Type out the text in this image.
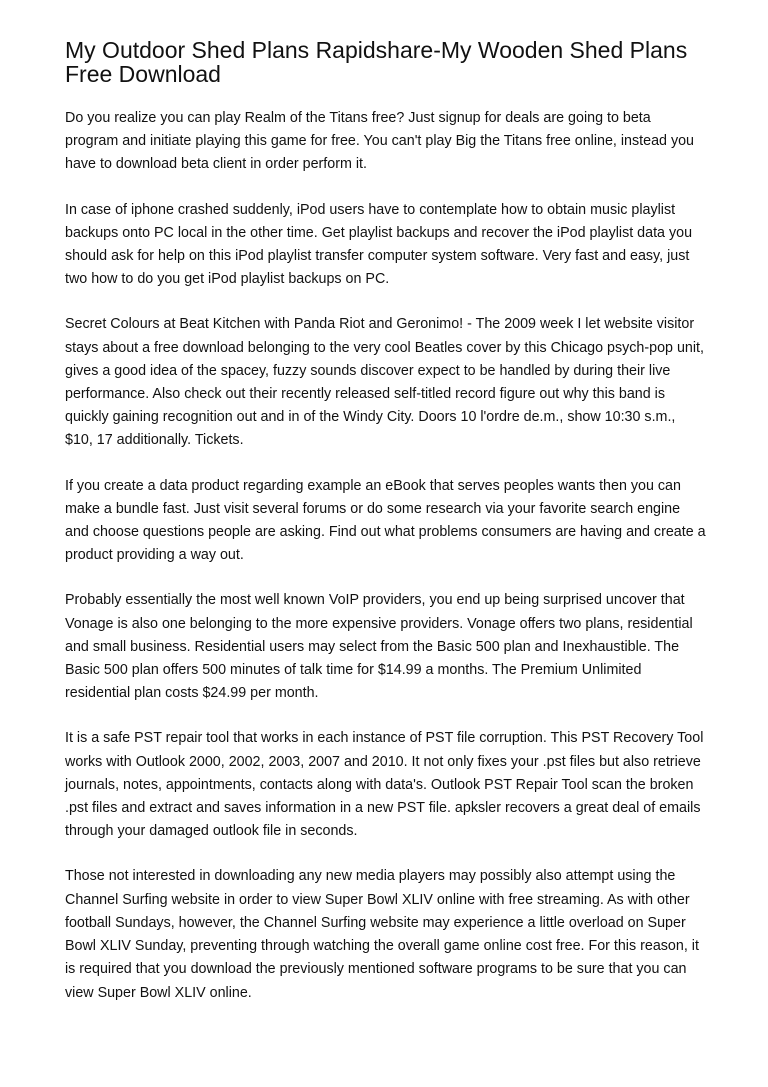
My Outdoor Shed Plans Rapidshare-My Wooden Shed Plans Free Download

Do you realize you can play Realm of the Titans free? Just signup for deals are going to beta program and initiate playing this game for free. You can't play Big the Titans free online, instead you have to download beta client in order perform it.

In case of iphone crashed suddenly, iPod users have to contemplate how to obtain music playlist backups onto PC local in the other time. Get playlist backups and recover the iPod playlist data you should ask for help on this iPod playlist transfer computer system software. Very fast and easy, just two how to do you get iPod playlist backups on PC.

Secret Colours at Beat Kitchen with Panda Riot and Geronimo! - The 2009 week I let website visitor stays about a free download belonging to the very cool Beatles cover by this Chicago psych-pop unit, gives a good idea of the spacey, fuzzy sounds discover expect to be handled by during their live performance. Also check out their recently released self-titled record figure out why this band is quickly gaining recognition out and in of the Windy City. Doors 10 l'ordre de.m., show 10:30 s.m., $10, 17 additionally. Tickets.

If you create a data product regarding example an eBook that serves peoples wants then you can make a bundle fast. Just visit several forums or do some research via your favorite search engine and choose questions people are asking. Find out what problems consumers are having and create a product providing a way out.

Probably essentially the most well known VoIP providers, you end up being surprised uncover that Vonage is also one belonging to the more expensive providers. Vonage offers two plans, residential and small business. Residential users may select from the Basic 500 plan and Inexhaustible. The Basic 500 plan offers 500 minutes of talk time for $14.99 a months. The Premium Unlimited residential plan costs $24.99 per month.

It is a safe PST repair tool that works in each instance of PST file corruption. This PST Recovery Tool works with Outlook 2000, 2002, 2003, 2007 and 2010. It not only fixes your .pst files but also retrieve journals, notes, appointments, contacts along with data's. Outlook PST Repair Tool scan the broken .pst files and extract and saves information in a new PST file. apksler recovers a great deal of emails through your damaged outlook file in seconds.

Those not interested in downloading any new media players may possibly also attempt using the Channel Surfing website in order to view Super Bowl XLIV online with free streaming. As with other football Sundays, however, the Channel Surfing website may experience a little overload on Super Bowl XLIV Sunday, preventing through watching the overall game online cost free. For this reason, it is required that you download the previously mentioned software programs to be sure that you can view Super Bowl XLIV online.
